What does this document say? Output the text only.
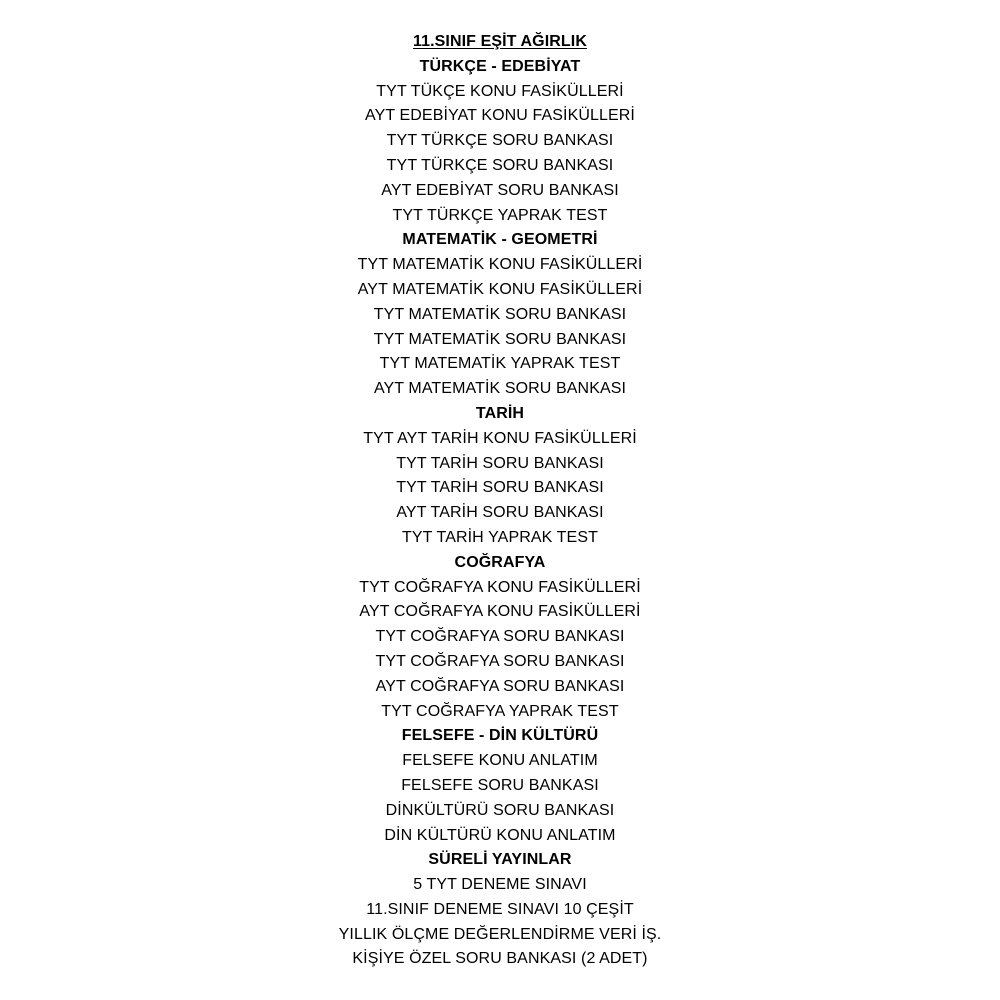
11.SINIF EŞİT AĞIRLIK
TÜRKÇE - EDEBİYAT
TYT TÜKÇE KONU FASİKÜLLERİ
AYT EDEBİYAT KONU FASİKÜLLERİ
TYT TÜRKÇE SORU BANKASI
TYT TÜRKÇE SORU BANKASI
AYT EDEBİYAT SORU BANKASI
TYT TÜRKÇE YAPRAK TEST
MATEMATİK - GEOMETRİ
TYT MATEMATİK KONU FASİKÜLLERİ
AYT MATEMATİK KONU FASİKÜLLERİ
TYT MATEMATİK SORU BANKASI
TYT MATEMATİK SORU BANKASI
TYT MATEMATİK YAPRAK TEST
AYT MATEMATİK SORU BANKASI
TARİH
TYT AYT TARİH KONU FASİKÜLLERİ
TYT TARİH SORU BANKASI
TYT TARİH SORU BANKASI
AYT TARİH SORU BANKASI
TYT TARİH YAPRAK TEST
COĞRAFYA
TYT COĞRAFYA KONU FASİKÜLLERİ
AYT COĞRAFYA KONU FASİKÜLLERİ
TYT COĞRAFYA SORU BANKASI
TYT COĞRAFYA SORU BANKASI
AYT COĞRAFYA SORU BANKASI
TYT COĞRAFYA YAPRAK TEST
FELSEFE - DİN KÜLTÜRÜ
FELSEFE KONU ANLATIM
FELSEFE SORU BANKASI
DİNKÜLTÜRÜ SORU BANKASI
DİN KÜLTÜRÜ KONU ANLATIM
SÜRELİ YAYINLAR
5 TYT DENEME SINAVI
11.SINIF DENEME SINAVI 10 ÇEŞİT
YILLIK ÖLÇME DEĞERLENDİRME VERİ İŞ.
KİŞİYE ÖZEL SORU BANKASI (2 ADET)
